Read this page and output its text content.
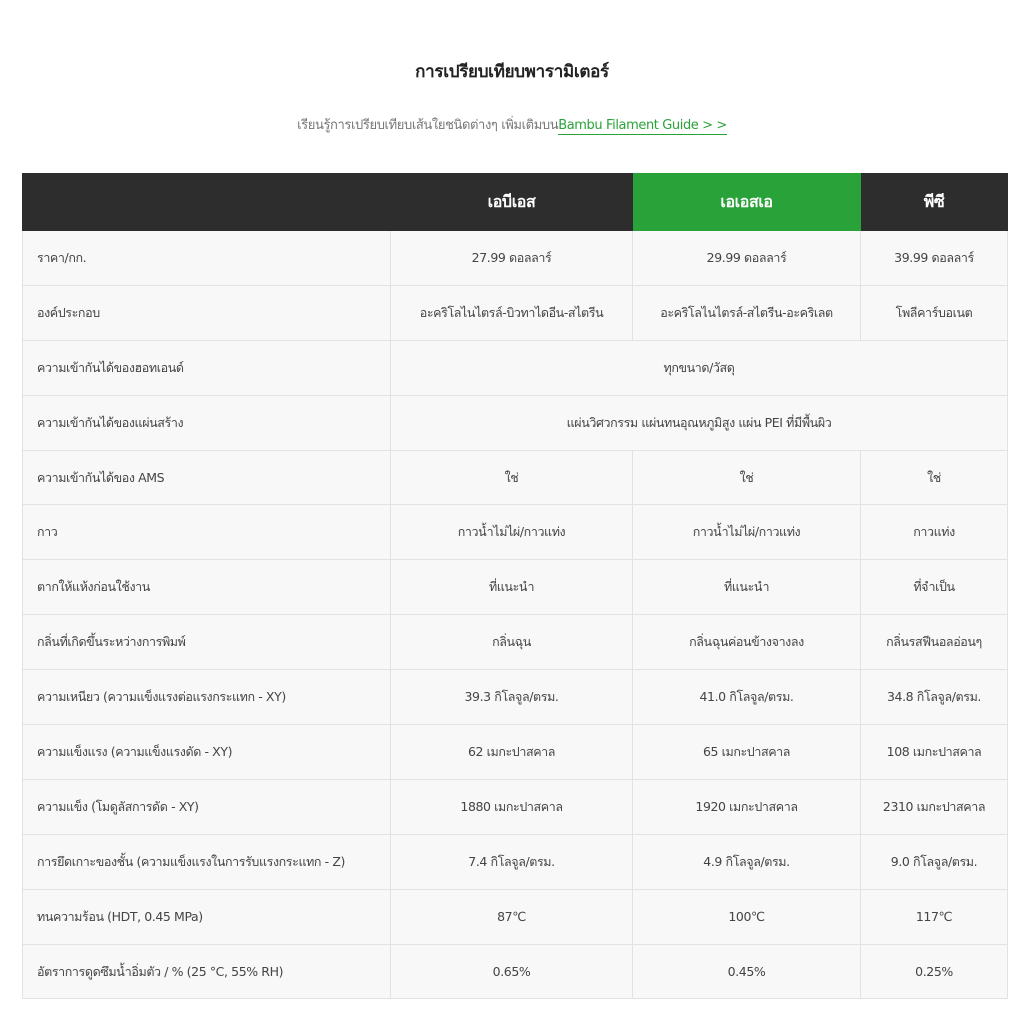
การเปรียบเทียบพารามิเตอร์

เรียนรู้การเปรียบเทียบเส้นใยชนิดต่างๆ เพิ่มเติมบนBambu Filament Guide > >

	เอบีเอส	เอเอสเอ	พีซี
ราคา/กก.	27.99 ดอลลาร์	29.99 ดอลลาร์	39.99 ดอลลาร์
องค์ประกอบ	อะคริโลไนไตรล์-บิวทาไดอีน-สไตรีน	อะคริโลไนไตรล์-สไตรีน-อะคริเลต	โพลีคาร์บอเนต
ความเข้ากันได้ของฮอทเอนด์	ทุกขนาด/วัสดุ		
ความเข้ากันได้ของแผ่นสร้าง	แผ่นวิศวกรรม แผ่นทนอุณหภูมิสูง แผ่น PEI ที่มีพื้นผิว		
ความเข้ากันได้ของ AMS	ใช่	ใช่	ใช่
กาว	กาวน้ำไม่ไผ่/กาวแท่ง	กาวน้ำไม่ไผ่/กาวแท่ง	กาวแท่ง
ตากให้แห้งก่อนใช้งาน	ที่แนะนำ	ที่แนะนำ	ที่จำเป็น
กลิ่นที่เกิดขึ้นระหว่างการพิมพ์	กลิ่นฉุน	กลิ่นฉุนค่อนข้างจางลง	กลิ่นรสฟีนอลอ่อนๆ
ความเหนียว (ความแข็งแรงต่อแรงกระแทก - XY)	39.3 กิโลจูล/ตรม.	41.0 กิโลจูล/ตรม.	34.8 กิโลจูล/ตรม.
ความแข็งแรง (ความแข็งแรงดัด - XY)	62 เมกะปาสคาล	65 เมกะปาสคาล	108 เมกะปาสคาล
ความแข็ง (โมดูลัสการดัด - XY)	1880 เมกะปาสคาล	1920 เมกะปาสคาล	2310 เมกะปาสคาล
การยึดเกาะของชั้น (ความแข็งแรงในการรับแรงกระแทก - Z)	7.4 กิโลจูล/ตรม.	4.9 กิโลจูล/ตรม.	9.0 กิโลจูล/ตรม.
ทนความร้อน (HDT, 0.45 MPa)	87℃	100℃	117℃
อัตราการดูดซึมน้ำอิ่มตัว / % (25 °C, 55% RH)	0.65%	0.45%	0.25%
